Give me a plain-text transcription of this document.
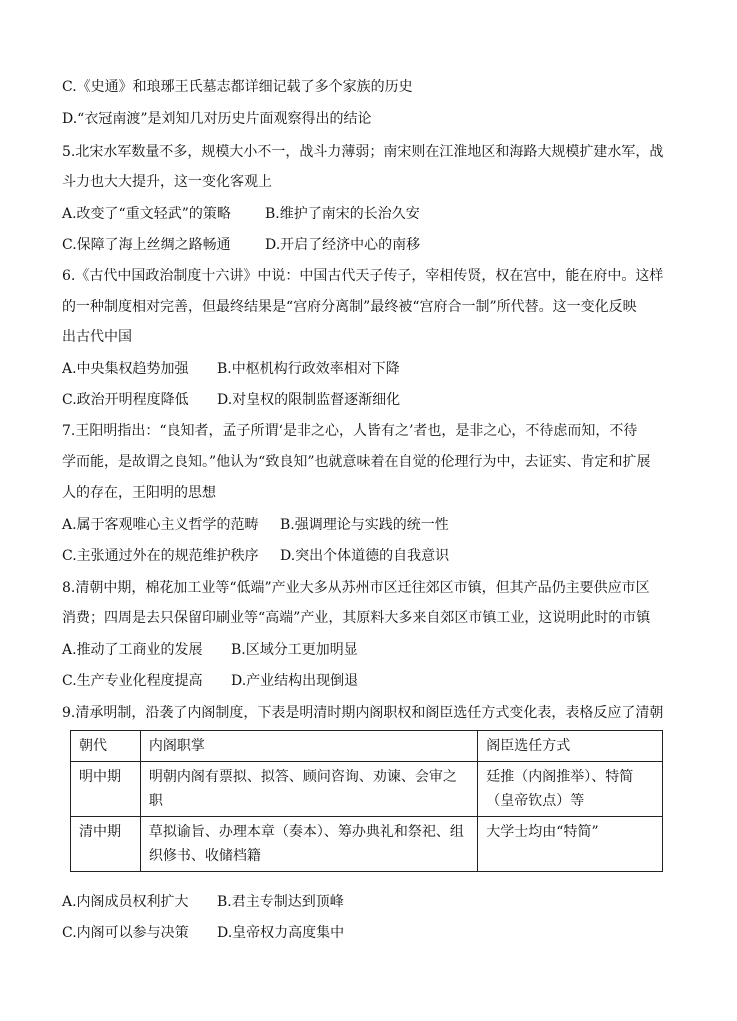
C.《史通》和琅琊王氏墓志都详细记载了多个家族的历史
D.“衣冠南渡”是刘知几对历史片面观察得出的结论
5.北宋水军数量不多，规模大小不一，战斗力薄弱；南宋则在江淮地区和海路大规模扩建水军，战
斗力也大大提升，这一变化客观上
A.改变了“重文轻武”的策略 B.维护了南宋的长治久安
C.保障了海上丝绸之路畅通 D.开启了经济中心的南移
6.《古代中国政治制度十六讲》中说：中国古代天子传子，宰相传贤，权在宫中，能在府中。这样
的一种制度相对完善，但最终结果是“宫府分离制”最终被“宫府合一制”所代替。这一变化反映
出古代中国
A.中央集权趋势加强 B.中枢机构行政效率相对下降
C.政治开明程度降低 D.对皇权的限制监督逐渐细化
7.王阳明指出：“良知者，孟子所谓‘是非之心，人皆有之’者也，是非之心，不待虑而知，不待
学而能，是故谓之良知。”他认为“致良知”也就意味着在自觉的伦理行为中，去证实、肯定和扩展
人的存在，王阳明的思想
A.属于客观唯心主义哲学的范畴 B.强调理论与实践的统一性
C.主张通过外在的规范维护秩序 D.突出个体道德的自我意识
8.清朝中期，棉花加工业等“低端”产业大多从苏州市区迁往郊区市镇，但其产品仍主要供应市区
消费；四周是去只保留印刷业等“高端”产业，其原料大多来自郊区市镇工业，这说明此时的市镇
A.推动了工商业的发展 B.区域分工更加明显
C.生产专业化程度提高 D.产业结构出现倒退
9.清承明制，沿袭了内阁制度，下表是明清时期内阁职权和阁臣选任方式变化表，表格反应了清朝
朝代	内阁职掌	阁臣选任方式
明中期	明朝内阁有票拟、拟答、顾问咨询、劝谏、会审之职	廷推（内阁推举）、特简（皇帝钦点）等
清中期	草拟谕旨、办理本章（奏本）、筹办典礼和祭祀、组织修书、收储档籍	大学士均由“特简”
A.内阁成员权利扩大 B.君主专制达到顶峰
C.内阁可以参与决策 D.皇帝权力高度集中
